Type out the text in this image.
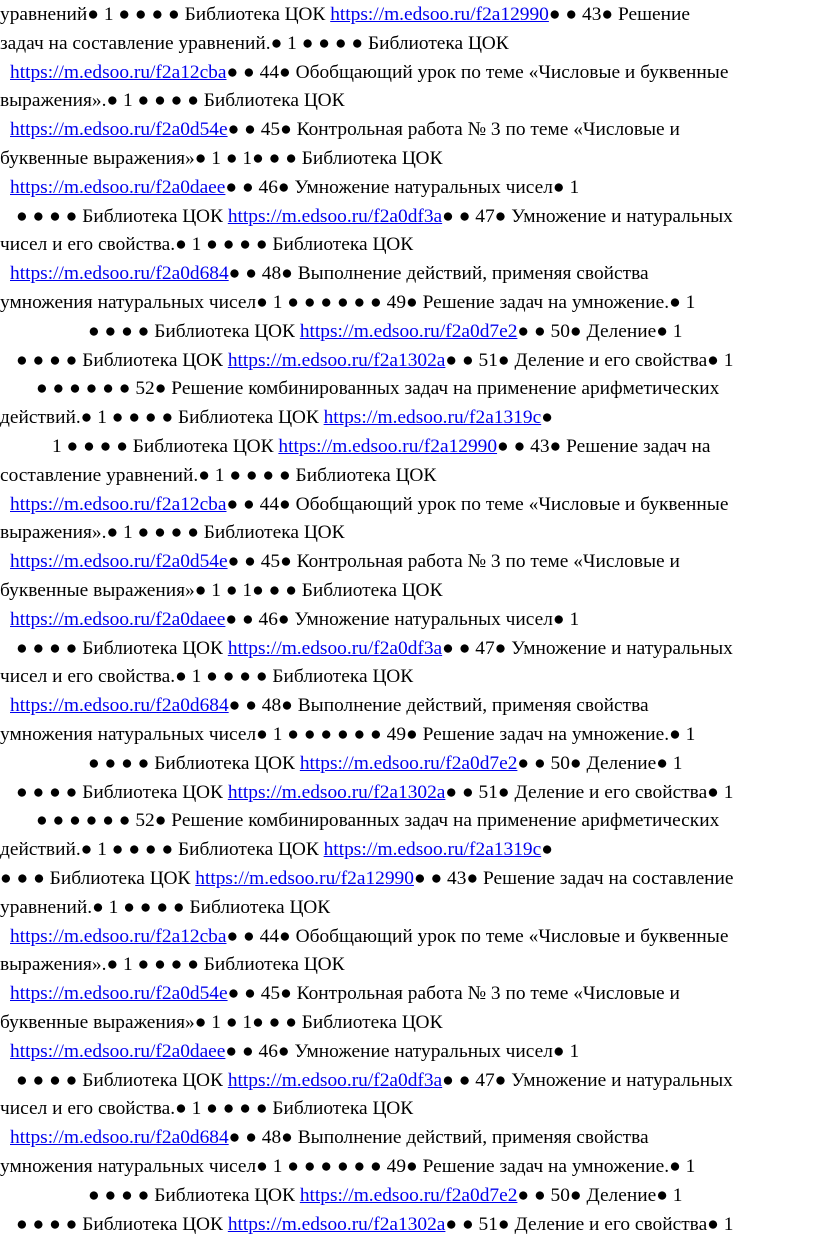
уравнений● 1 ● ● ● ● Библиотека ЦОК https://m.edsoo.ru/f2a12990● ● 43● Решение
задач на составление уравнений.● 1 ● ● ● ● Библиотека ЦОК
https://m.edsoo.ru/f2a12cba● ● 44● Обобщающий урок по теме «Числовые и буквенные
выражения».● 1 ● ● ● ● Библиотека ЦОК
https://m.edsoo.ru/f2a0d54e● ● 45● Контрольная работа № 3 по теме «Числовые и
буквенные выражения»● 1 ● 1● ● ● Библиотека ЦОК
https://m.edsoo.ru/f2a0daee● ● 46● Умножение натуральных чисел● 1
● ● ● ● Библиотека ЦОК https://m.edsoo.ru/f2a0df3a● ● 47● Умножение и натуральных
чисел и его свойства.● 1 ● ● ● ● Библиотека ЦОК
https://m.edsoo.ru/f2a0d684● ● 48● Выполнение действий, применяя свойства
умножения натуральных чисел● 1 ● ● ● ● ● ● 49● Решение задач на умножение.● 1
● ● ● ● Библиотека ЦОК https://m.edsoo.ru/f2a0d7e2● ● 50● Деление● 1
● ● ● ● Библиотека ЦОК https://m.edsoo.ru/f2a1302a● ● 51● Деление и его свойства● 1
● ● ● ● ● ● 52● Решение комбинированных задач на применение арифметических
действий.● 1 ● ● ● ● Библиотека ЦОК https://m.edsoo.ru/f2a1319c●
1 ● ● ● ● Библиотека ЦОК https://m.edsoo.ru/f2a12990● ● 43● Решение задач на
составление уравнений.● 1 ● ● ● ● Библиотека ЦОК
https://m.edsoo.ru/f2a12cba● ● 44● Обобщающий урок по теме «Числовые и буквенные
выражения».● 1 ● ● ● ● Библиотека ЦОК
https://m.edsoo.ru/f2a0d54e● ● 45● Контрольная работа № 3 по теме «Числовые и
буквенные выражения»● 1 ● 1● ● ● Библиотека ЦОК
https://m.edsoo.ru/f2a0daee● ● 46● Умножение натуральных чисел● 1
● ● ● ● Библиотека ЦОК https://m.edsoo.ru/f2a0df3a● ● 47● Умножение и натуральных
чисел и его свойства.● 1 ● ● ● ● Библиотека ЦОК
https://m.edsoo.ru/f2a0d684● ● 48● Выполнение действий, применяя свойства
умножения натуральных чисел● 1 ● ● ● ● ● ● 49● Решение задач на умножение.● 1
● ● ● ● Библиотека ЦОК https://m.edsoo.ru/f2a0d7e2● ● 50● Деление● 1
● ● ● ● Библиотека ЦОК https://m.edsoo.ru/f2a1302a● ● 51● Деление и его свойства● 1
● ● ● ● ● ● 52● Решение комбинированных задач на применение арифметических
действий.● 1 ● ● ● ● Библиотека ЦОК https://m.edsoo.ru/f2a1319c●
● ● ● Библиотека ЦОК https://m.edsoo.ru/f2a12990● ● 43● Решение задач на составление
уравнений.● 1 ● ● ● ● Библиотека ЦОК
https://m.edsoo.ru/f2a12cba● ● 44● Обобщающий урок по теме «Числовые и буквенные
выражения».● 1 ● ● ● ● Библиотека ЦОК
https://m.edsoo.ru/f2a0d54e● ● 45● Контрольная работа № 3 по теме «Числовые и
буквенные выражения»● 1 ● 1● ● ● Библиотека ЦОК
https://m.edsoo.ru/f2a0daee● ● 46● Умножение натуральных чисел● 1
● ● ● ● Библиотека ЦОК https://m.edsoo.ru/f2a0df3a● ● 47● Умножение и натуральных
чисел и его свойства.● 1 ● ● ● ● Библиотека ЦОК
https://m.edsoo.ru/f2a0d684● ● 48● Выполнение действий, применяя свойства
умножения натуральных чисел● 1 ● ● ● ● ● ● 49● Решение задач на умножение.● 1
● ● ● ● Библиотека ЦОК https://m.edsoo.ru/f2a0d7e2● ● 50● Деление● 1
● ● ● ● Библиотека ЦОК https://m.edsoo.ru/f2a1302a● ● 51● Деление и его свойства● 1
